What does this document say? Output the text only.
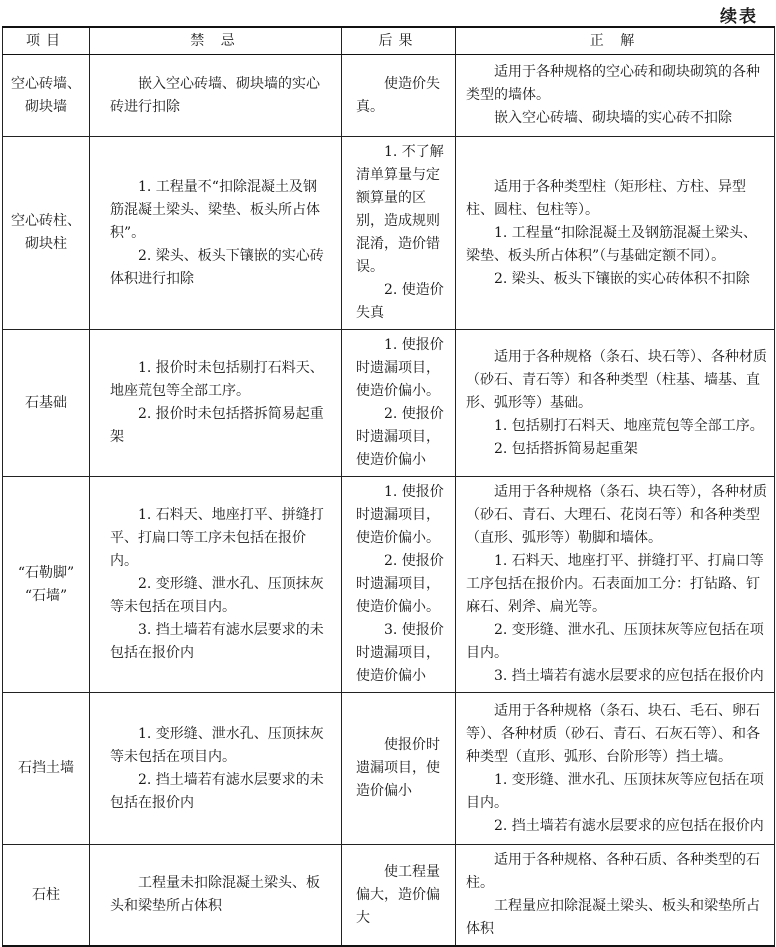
续表
项目	禁 忌	后果	正 解

空心砖墙、砌块墙	嵌入空心砖墙、砌块墙的实心砖进行扣除	使造价失真。	适用于各种规格的空心砖和砌块砌筑的各种类型的墙体。
嵌入空心砖墙、砌块墙的实心砖不扣除

空心砖柱、砌块柱	1. 工程量不“扣除混凝土及钢筋混凝土梁头、梁垫、板头所占体积”。
2. 梁头、板头下镶嵌的实心砖体积进行扣除	1. 不了解清单算量与定额算量的区别，造成规则混淆，造价错误。
2. 使造价失真	适用于各种类型柱（矩形柱、方柱、异型柱、圆柱、包柱等）。
1. 工程量“扣除混凝土及钢筋混凝土梁头、梁垫、板头所占体积”（与基础定额不同）。
2. 梁头、板头下镶嵌的实心砖体积不扣除

石基础	1. 报价时未包括剔打石料天、地座荒包等全部工序。
2. 报价时未包括搭拆简易起重架	1. 使报价时遗漏项目，使造价偏小。
2. 使报价时遗漏项目，使造价偏小	适用于各种规格（条石、块石等）、各种材质（砂石、青石等）和各种类型（柱基、墙基、直形、弧形等）基础。
1. 包括剔打石料天、地座荒包等全部工序。
2. 包括搭拆简易起重架

“石勒脚”
“石墙”	1. 石料天、地座打平、拼缝打平、打扁口等工序未包括在报价内。
2. 变形缝、泄水孔、压顶抹灰等未包括在项目内。
3. 挡土墙若有滤水层要求的未包括在报价内	1. 使报价时遗漏项目，使造价偏小。
2. 使报价时遗漏项目，使造价偏小。
3. 使报价时遗漏项目，使造价偏小	适用于各种规格（条石、块石等），各种材质（砂石、青石、大理石、花岗石等）和各种类型（直形、弧形等）勒脚和墙体。
1. 石料天、地座打平、拼缝打平、打扁口等工序包括在报价内。石表面加工分：打钻路、钉麻石、剁斧、扁光等。
2. 变形缝、泄水孔、压顶抹灰等应包括在项目内。
3. 挡土墙若有滤水层要求的应包括在报价内

石挡土墙	1. 变形缝、泄水孔、压顶抹灰等未包括在项目内。
2. 挡土墙若有滤水层要求的未包括在报价内	使报价时遗漏项目，使造价偏小	适用于各种规格（条石、块石、毛石、卵石等）、各种材质（砂石、青石、石灰石等）、和各种类型（直形、弧形、台阶形等）挡土墙。
1. 变形缝、泄水孔、压顶抹灰等应包括在项目内。
2. 挡土墙若有滤水层要求的应包括在报价内

石柱	工程量未扣除混凝土梁头、板头和梁垫所占体积	使工程量偏大，造价偏大	适用于各种规格、各种石质、各种类型的石柱。
工程量应扣除混凝土梁头、板头和梁垫所占体积
